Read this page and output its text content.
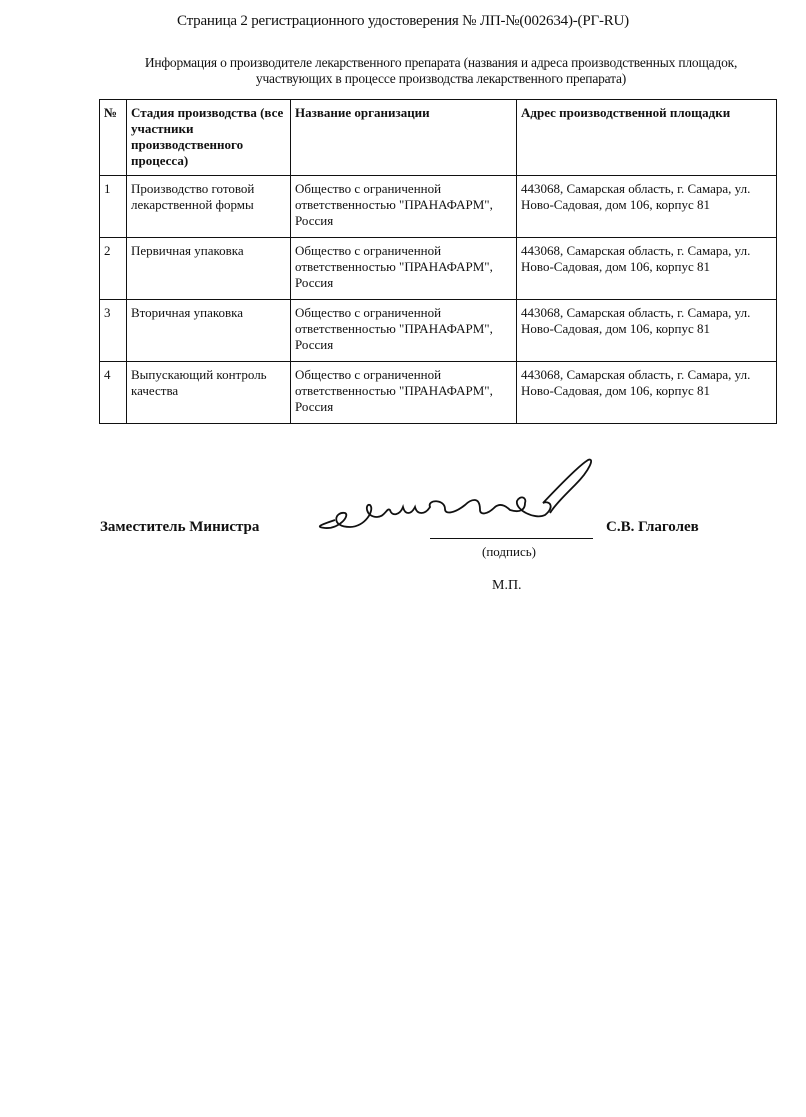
Страница 2 регистрационного удостоверения № ЛП-№(002634)-(РГ-RU)
Информация о производителе лекарственного препарата (названия и адреса производственных площадок,
участвующих в процессе производства лекарственного препарата)
№	Стадия производства (все участники производственного процесса)	Название организации	Адрес производственной площадки
1	Производство готовой лекарственной формы	Общество с ограниченной ответственностью "ПРАНАФАРМ", Россия	443068, Самарская область, г. Самара, ул. Ново-Садовая, дом 106, корпус 81
2	Первичная упаковка	Общество с ограниченной ответственностью "ПРАНАФАРМ", Россия	443068, Самарская область, г. Самара, ул. Ново-Садовая, дом 106, корпус 81
3	Вторичная упаковка	Общество с ограниченной ответственностью "ПРАНАФАРМ", Россия	443068, Самарская область, г. Самара, ул. Ново-Садовая, дом 106, корпус 81
4	Выпускающий контроль качества	Общество с ограниченной ответственностью "ПРАНАФАРМ", Россия	443068, Самарская область, г. Самара, ул. Ново-Садовая, дом 106, корпус 81
Заместитель Министра	С.В. Глаголев
(подпись)
М.П.
